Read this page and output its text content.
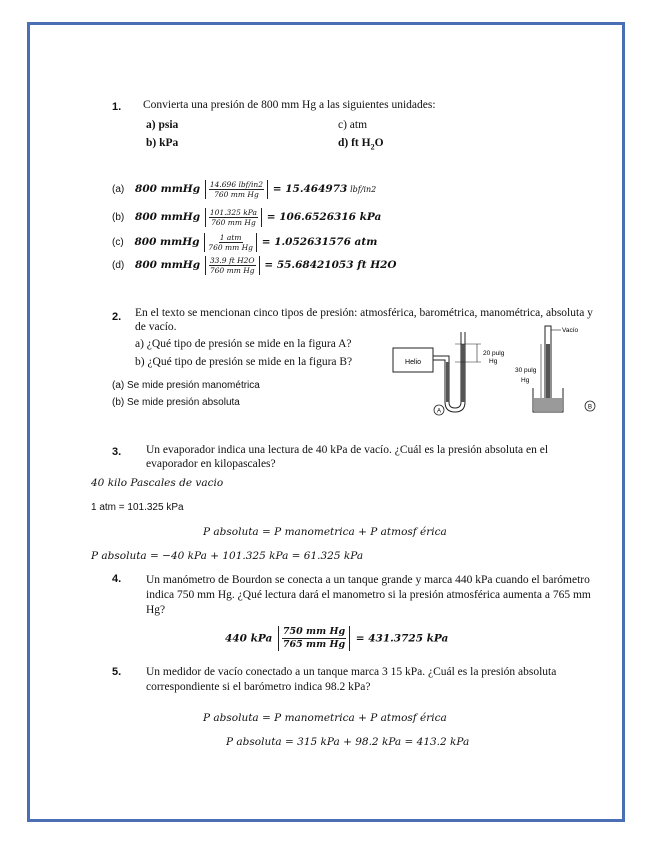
1. Convierta una presión de 800 mm Hg a las siguientes unidades:
a) psia
b) kPa
c) atm
d) ft $H_2O$
(a) 800 mmHg $\frac{\text{14.696 lbf/in2}}{\text{760 mm Hg}} = 15.464973$ lbf/in2
(b) 800 mmHg $\frac{\text{101.325 kPa}}{\text{760 mm Hg}} = 106.6526316$ kPa
(c) 800 mmHg $\frac{\text{1 atm}}{\text{760 mm Hg}} = 1.052631576$ atm
(d) 800 mmHg $\frac{\text{33.9 ft H2O}}{\text{760 mm Hg}} = 55.68421053$ ft H2O
2. En el texto se mencionan cinco tipos de presión: atmosférica, barométrica, manométrica, absoluta y de vacío.
a) ¿Qué tipo de presión se mide en la figura A?
b) ¿Qué tipo de presión se mide en la figura B?
(a) Se mide presión manométrica
(b) Se mide presión absoluta
Helio
20 pulg
Hg
A
Vacío
30 pulg
Hg
B
3. Un evaporador indica una lectura de 40 kPa de vacío. ¿Cuál es la presión absoluta en el evaporador en kilopascales?
40 kilo Pascales de vacio
1 atm = 101.325 kPa
P absoluta = P manometrica + P atmosf érica
P absoluta = −40 kPa + 101.325 kPa = 61.325 kPa
4. Un manómetro de Bourdon se conecta a un tanque grande y marca 440 kPa cuando el barómetro indica 750 mm Hg. ¿Qué lectura dará el manometro si la presión atmosférica aumenta a 765 mm Hg?
440 kPa $\frac{\text{750 mm Hg}}{\text{765 mm Hg}} = 431.3725$ kPa
5. Un medidor de vacío conectado a un tanque marca 3 15 kPa. ¿Cuál es la presión absoluta correspondiente si el barómetro indica 98.2 kPa?
P absoluta = P manometrica + P atmosf érica
P absoluta = 315 kPa + 98.2 kPa = 413.2 kPa
